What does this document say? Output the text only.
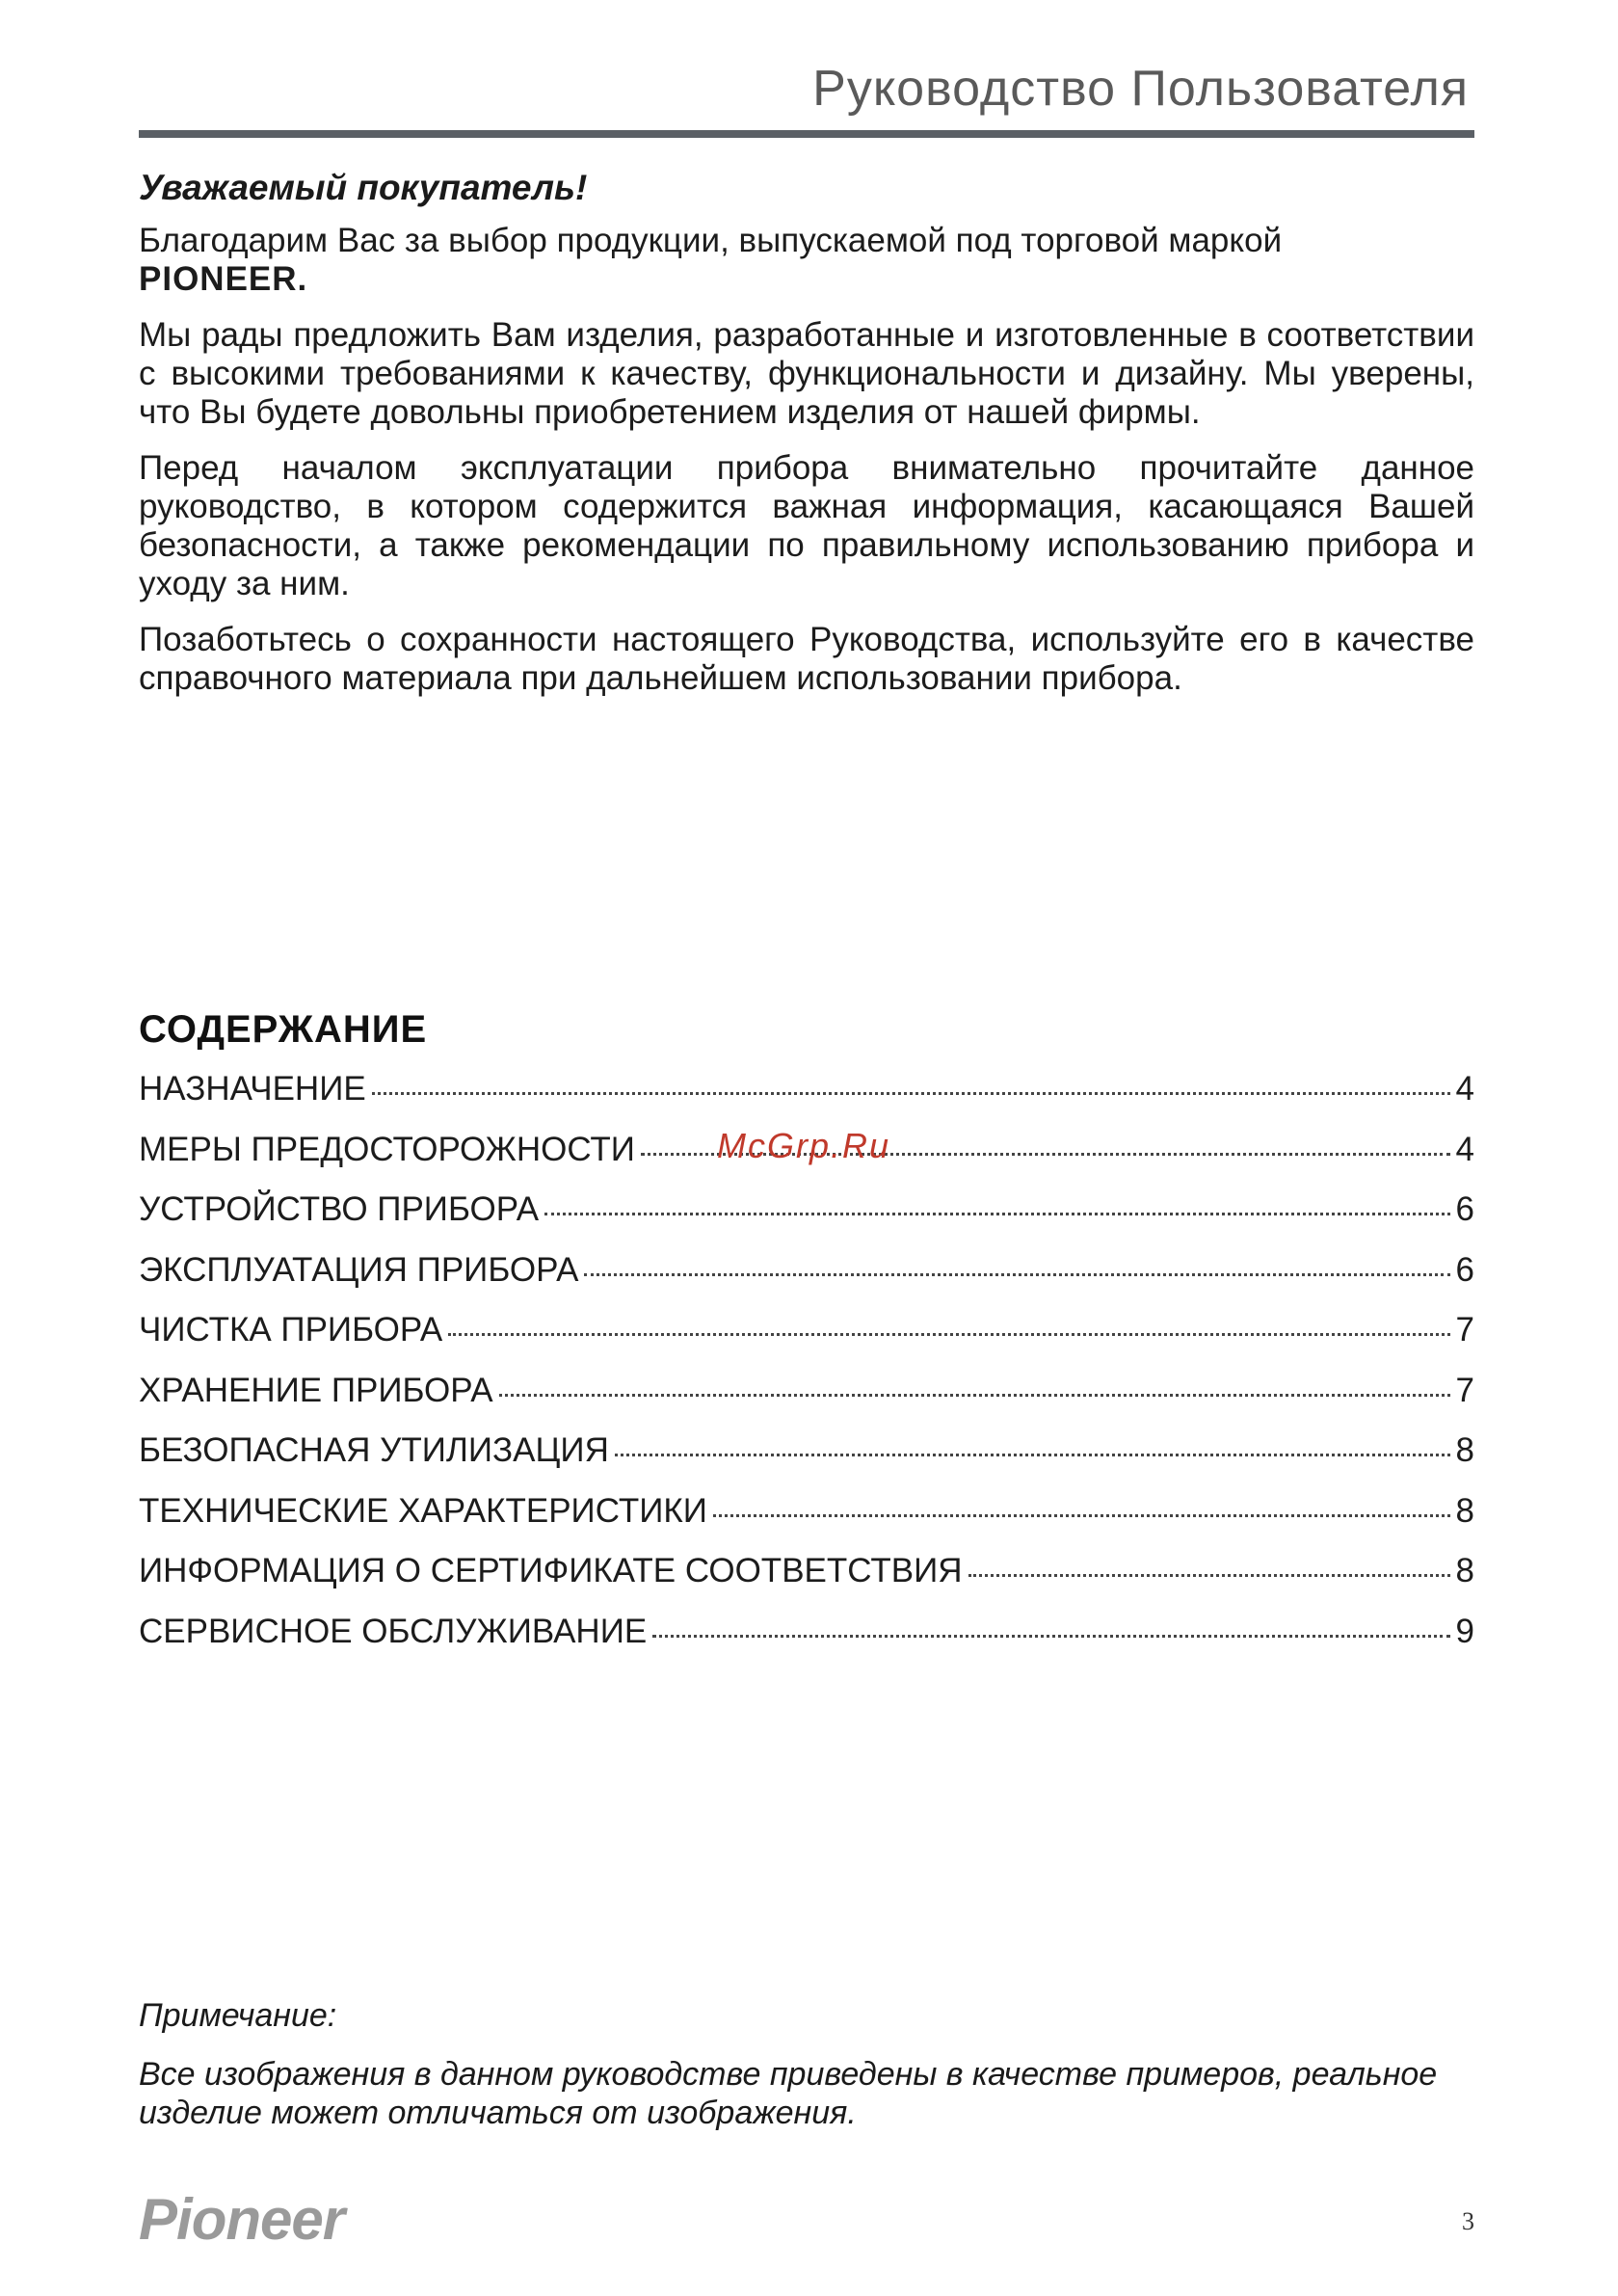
Руководство Пользователя
Уважаемый покупатель!

Благодарим Вас за выбор продукции, выпускаемой под торговой маркой
PIONEER.

Мы рады предложить Вам изделия, разработанные и изготовленные в соответствии с высокими требованиями к качеству, функциональности и дизайну. Мы уверены, что Вы будете довольны приобретением изделия от нашей фирмы.

Перед началом эксплуатации прибора внимательно прочитайте данное руководство, в котором содержится важная информация, касающаяся Вашей безопасности, а также рекомендации по правильному использованию прибора и уходу за ним.

Позаботьтесь о сохранности настоящего Руководства, используйте его в качестве справочного материала при дальнейшем использовании прибора.

СОДЕРЖАНИЕ
НАЗНАЧЕНИЕ	4
МЕРЫ ПРЕДОСТОРОЖНОСТИ	4
УСТРОЙСТВО ПРИБОРА	6
ЭКСПЛУАТАЦИЯ ПРИБОРА	6
ЧИСТКА ПРИБОРА	7
ХРАНЕНИЕ ПРИБОРА	7
БЕЗОПАСНАЯ УТИЛИЗАЦИЯ	8
ТЕХНИЧЕСКИЕ ХАРАКТЕРИСТИКИ	8
ИНФОРМАЦИЯ О СЕРТИФИКАТЕ СООТВЕТСТВИЯ	8
СЕРВИСНОЕ ОБСЛУЖИВАНИЕ	9
McGrp.Ru
Примечание:

Все изображения в данном руководстве приведены в качестве примеров, реальное изделие может отличаться от изображения.

Pioneer	3
